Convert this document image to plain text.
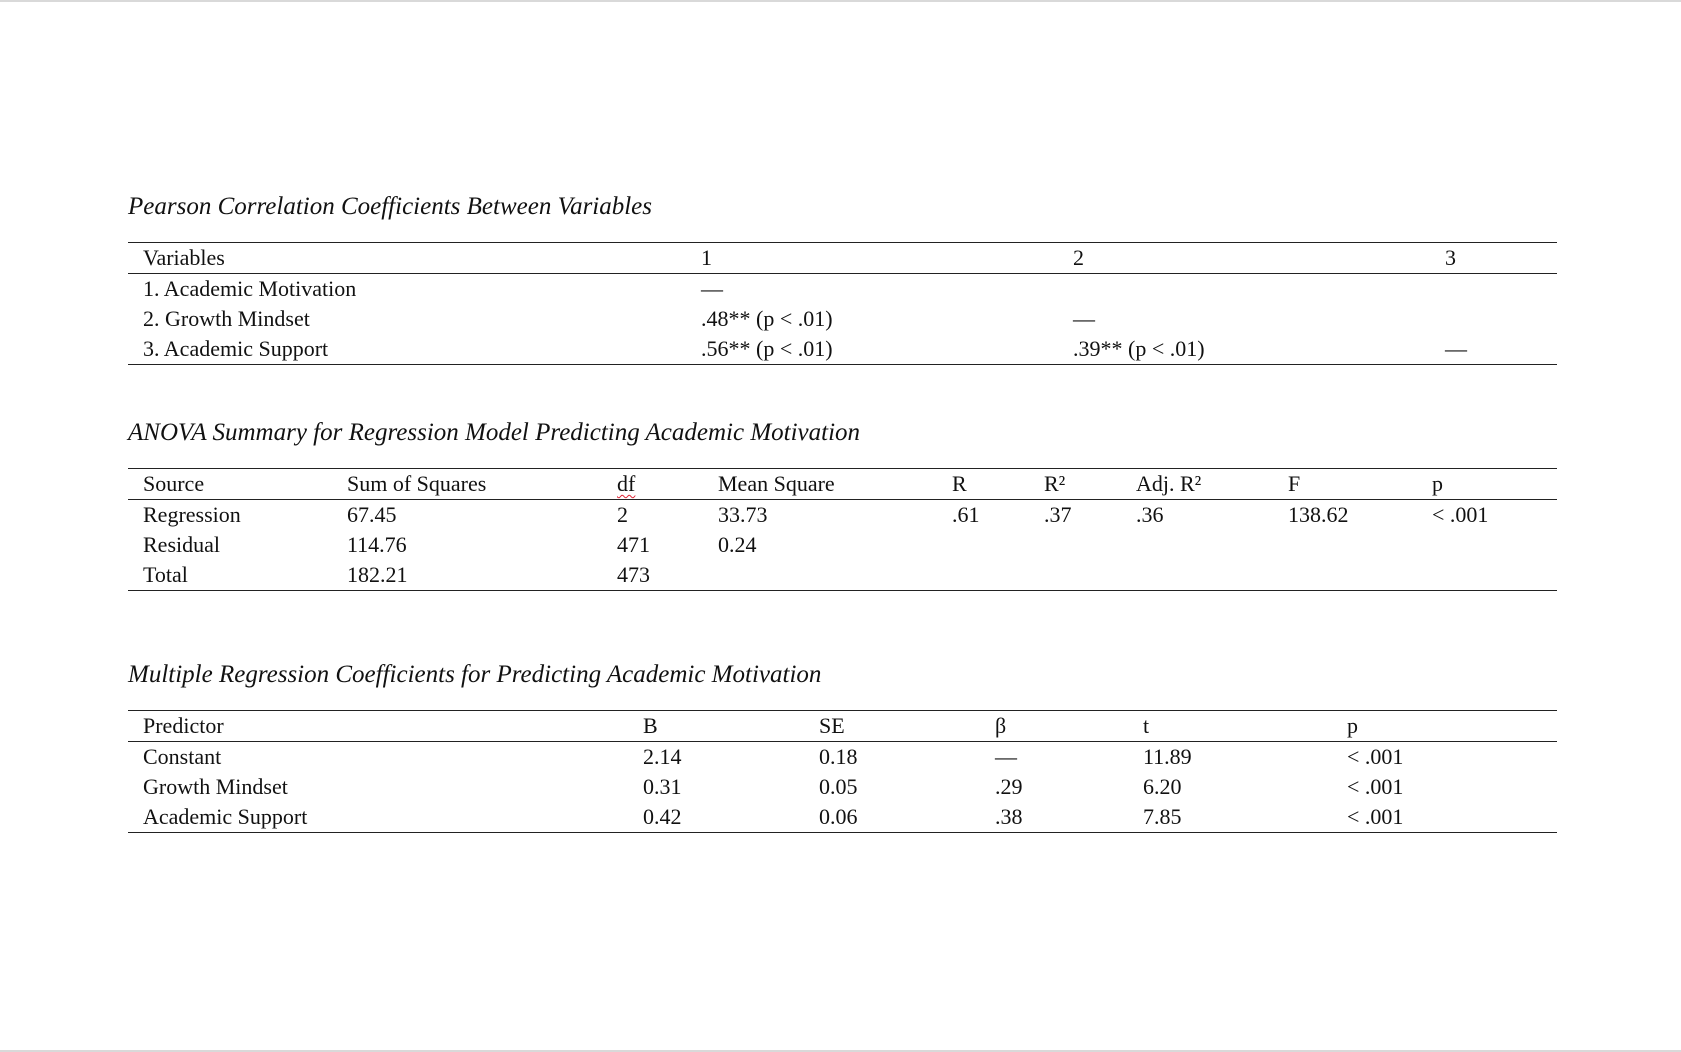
Pearson Correlation Coefficients Between Variables

Variables	1	2	3
1. Academic Motivation	—		
2. Growth Mindset	.48** (p < .01)	—	
3. Academic Support	.56** (p < .01)	.39** (p < .01)	—

ANOVA Summary for Regression Model Predicting Academic Motivation

Source	Sum of Squares	df	Mean Square	R	R²	Adj. R²	F	p
Regression	67.45	2	33.73	.61	.37	.36	138.62	< .001
Residual	114.76	471	0.24					
Total	182.21	473						

Multiple Regression Coefficients for Predicting Academic Motivation

Predictor	B	SE	β	t	p
Constant	2.14	0.18	—	11.89	< .001
Growth Mindset	0.31	0.05	.29	6.20	< .001
Academic Support	0.42	0.06	.38	7.85	< .001
